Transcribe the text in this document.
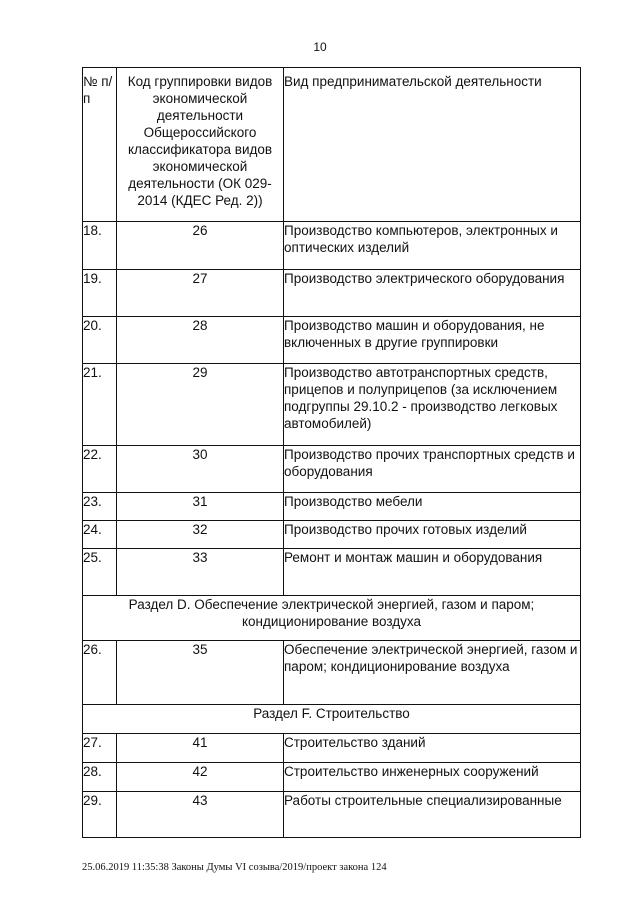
10
№ п/п	Код группировки видов экономической деятельности Общероссийского классификатора видов экономической деятельности (ОК 029-2014 (КДЕС Ред. 2))	Вид предпринимательской деятельности
18.	26	Производство компьютеров, электронных и оптических изделий
19.	27	Производство электрического оборудования
20.	28	Производство машин и оборудования, не включенных в другие группировки
21.	29	Производство автотранспортных средств, прицепов и полуприцепов (за исключением подгруппы 29.10.2 - производство легковых автомобилей)
22.	30	Производство прочих транспортных средств и оборудования
23.	31	Производство мебели
24.	32	Производство прочих готовых изделий
25.	33	Ремонт и монтаж машин и оборудования
Раздел D. Обеспечение электрической энергией, газом и паром; кондиционирование воздуха		
26.	35	Обеспечение электрической энергией, газом и паром; кондиционирование воздуха
Раздел F. Строительство		
27.	41	Строительство зданий
28.	42	Строительство инженерных сооружений
29.	43	Работы строительные специализированные
25.06.2019 11:35:38 Законы Думы VI созыва/2019/проект закона 124
